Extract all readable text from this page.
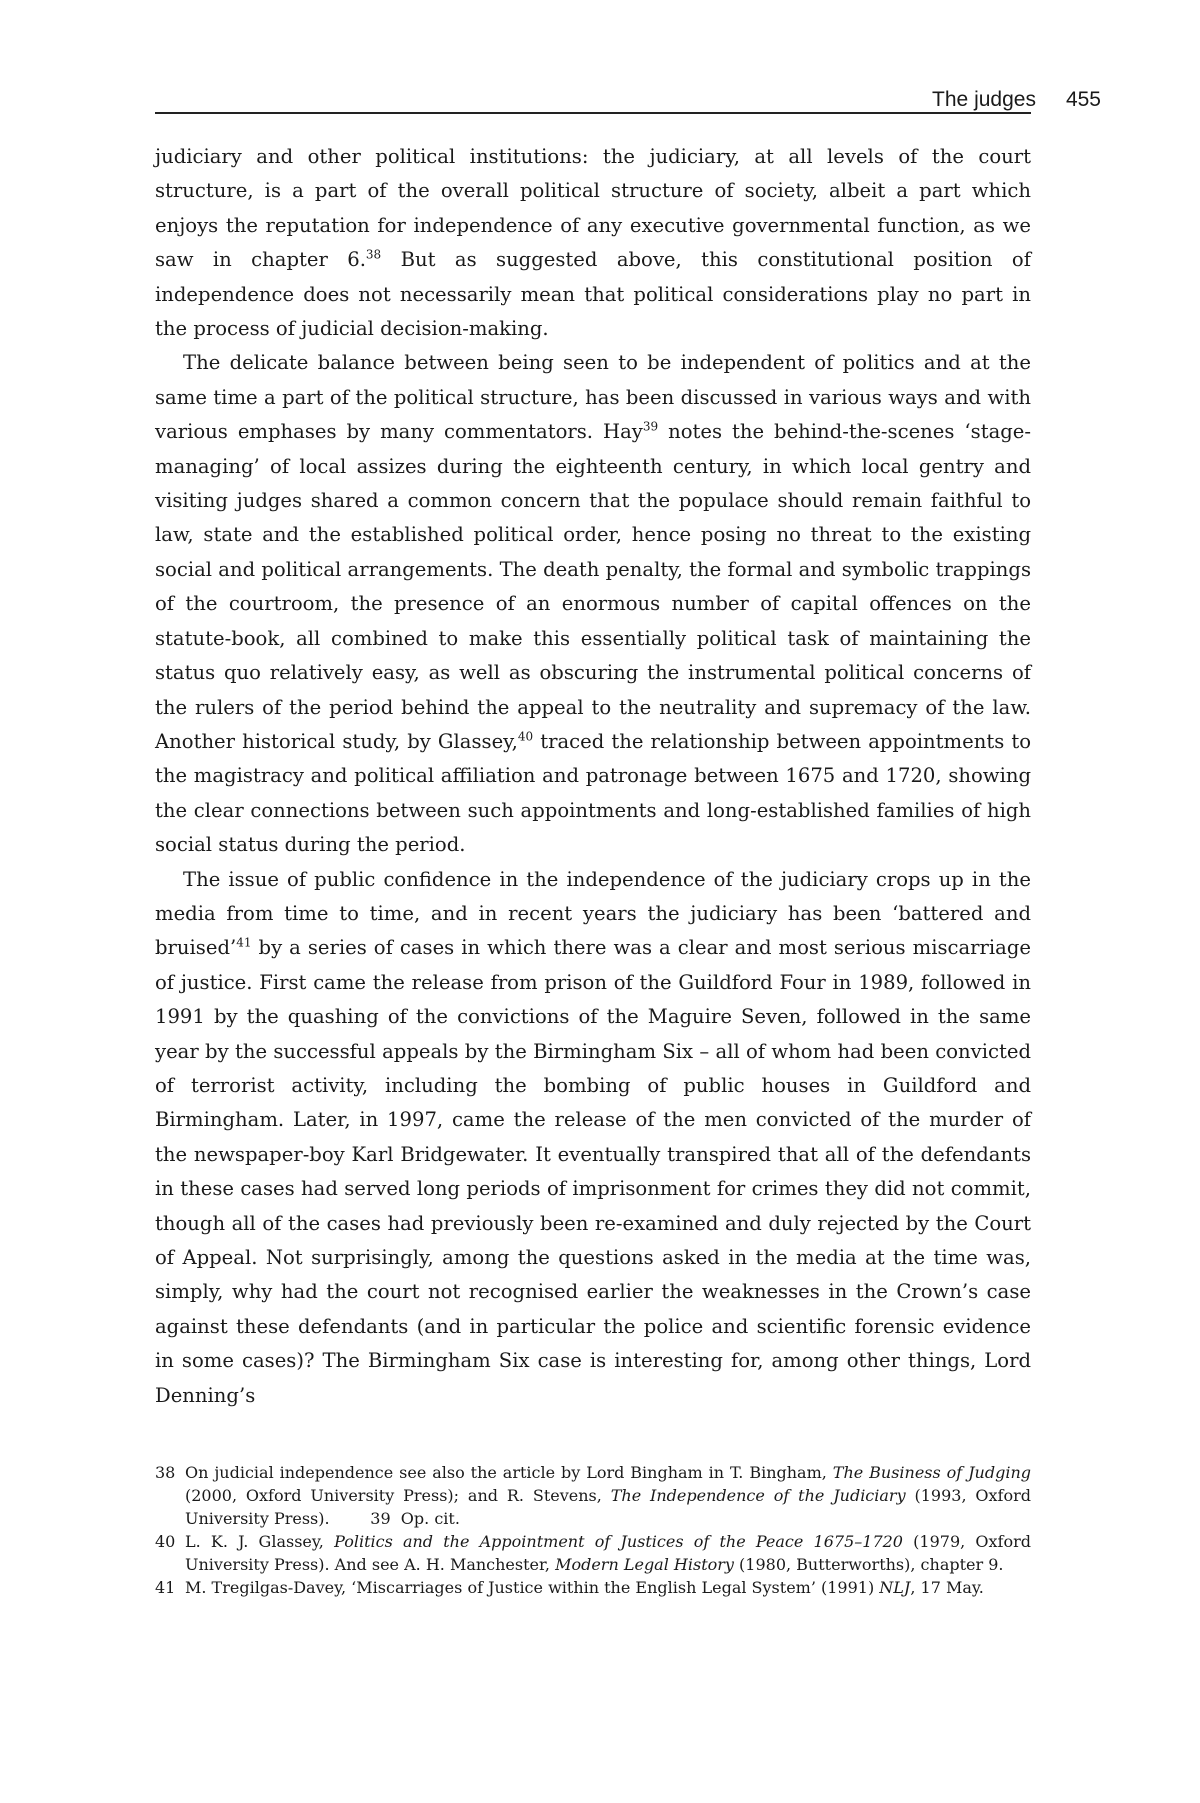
The judges 455

judiciary and other political institutions: the judiciary, at all levels of the court structure, is a part of the overall political structure of society, albeit a part which enjoys the reputation for independence of any executive governmental function, as we saw in chapter 6.38 But as suggested above, this constitutional position of independence does not necessarily mean that political considerations play no part in the process of judicial decision-making.

The delicate balance between being seen to be independent of politics and at the same time a part of the political structure, has been discussed in various ways and with various emphases by many commentators. Hay$^{39}$ notes the behind-the-scenes ‘stage-managing’ of local assizes during the eighteenth century, in which local gentry and visiting judges shared a common concern that the populace should remain faithful to law, state and the established political order, hence posing no threat to the existing social and political arrangements. The death penalty, the formal and symbolic trappings of the courtroom, the presence of an enormous number of capital offences on the statute-book, all combined to make this essentially political task of maintaining the status quo relatively easy, as well as obscuring the instrumental political concerns of the rulers of the period behind the appeal to the neutrality and supremacy of the law. Another historical study, by Glassey,$^{40}$ traced the relationship between appointments to the magistracy and political affiliation and patronage between 1675 and 1720, showing the clear connections between such appointments and long-established families of high social status during the period.

The issue of public confidence in the independence of the judiciary crops up in the media from time to time, and in recent years the judiciary has been ‘battered and bruised’$^{41}$ by a series of cases in which there was a clear and most serious miscarriage of justice. First came the release from prison of the Guildford Four in 1989, followed in 1991 by the quashing of the convictions of the Maguire Seven, followed in the same year by the successful appeals by the Birmingham Six – all of whom had been convicted of terrorist activity, including the bombing of public houses in Guildford and Birmingham. Later, in 1997, came the release of the men convicted of the murder of the newspaper-boy Karl Bridgewater. It eventually transpired that all of the defendants in these cases had served long periods of imprisonment for crimes they did not commit, though all of the cases had previously been re-examined and duly rejected by the Court of Appeal. Not surprisingly, among the questions asked in the media at the time was, simply, why had the court not recognised earlier the weaknesses in the Crown’s case against these defendants (and in particular the police and scientific forensic evidence in some cases)? The Birmingham Six case is interesting for, among other things, Lord Denning’s

38 On judicial independence see also the article by Lord Bingham in T. Bingham, The Business of Judging (2000, Oxford University Press); and R. Stevens, The Independence of the Judiciary (1993, Oxford University Press).        39  Op. cit.
40 L. K. J. Glassey, Politics and the Appointment of Justices of the Peace 1675–1720 (1979, Oxford University Press). And see A. H. Manchester, Modern Legal History (1980, Butterworths), chapter 9.
41 M. Tregilgas-Davey, ‘Miscarriages of Justice within the English Legal System’ (1991) NLJ, 17 May.
